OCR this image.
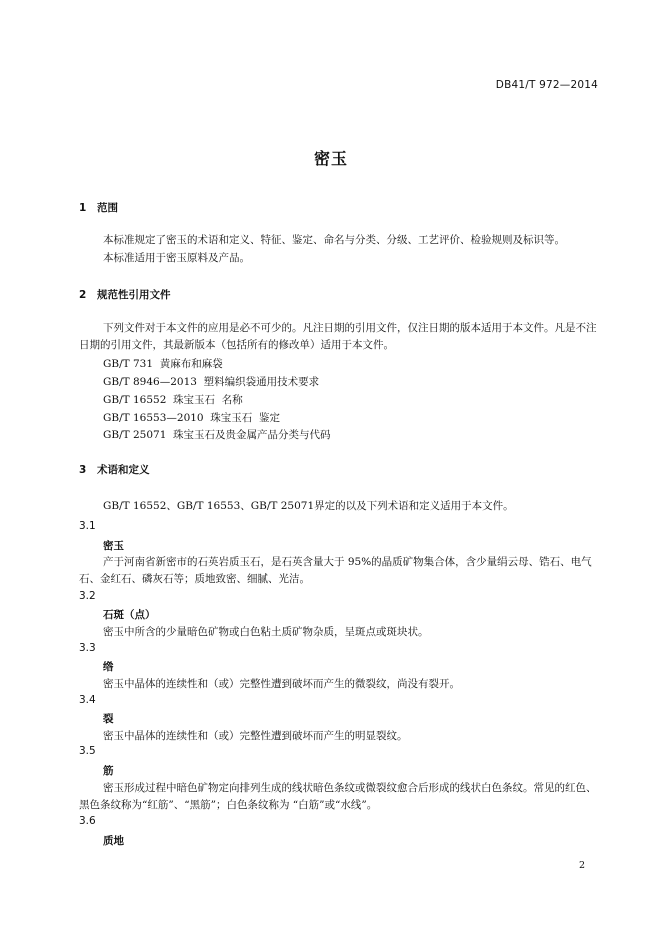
DB41/T 972—2014
密玉
1 范围
本标准规定了密玉的术语和定义、特征、鉴定、命名与分类、分级、工艺评价、检验规则及标识等。
本标准适用于密玉原料及产品。
2 规范性引用文件
下列文件对于本文件的应用是必不可少的。凡注日期的引用文件，仅注日期的版本适用于本文件。凡是不注日期的引用文件，其最新版本（包括所有的修改单）适用于本文件。
GB/T 731  黄麻布和麻袋
GB/T 8946—2013  塑料编织袋通用技术要求
GB/T 16552  珠宝玉石  名称
GB/T 16553—2010  珠宝玉石  鉴定
GB/T 25071  珠宝玉石及贵金属产品分类与代码
3 术语和定义
GB/T 16552、GB/T 16553、GB/T 25071界定的以及下列术语和定义适用于本文件。
3.1
密玉
产于河南省新密市的石英岩质玉石，是石英含量大于 95%的晶质矿物集合体，含少量绢云母、锆石、电气石、金红石、磷灰石等；质地致密、细腻、光洁。
3.2
石斑（点）
密玉中所含的少量暗色矿物或白色粘土质矿物杂质，呈斑点或斑块状。
3.3
绺
密玉中晶体的连续性和（或）完整性遭到破坏而产生的微裂纹，尚没有裂开。
3.4
裂
密玉中晶体的连续性和（或）完整性遭到破坏而产生的明显裂纹。
3.5
筋
密玉形成过程中暗色矿物定向排列生成的线状暗色条纹或微裂纹愈合后形成的线状白色条纹。常见的红色、黑色条纹称为“红筋”、“黑筋”；白色条纹称为 “白筋”或“水线”。
3.6
质地
2
